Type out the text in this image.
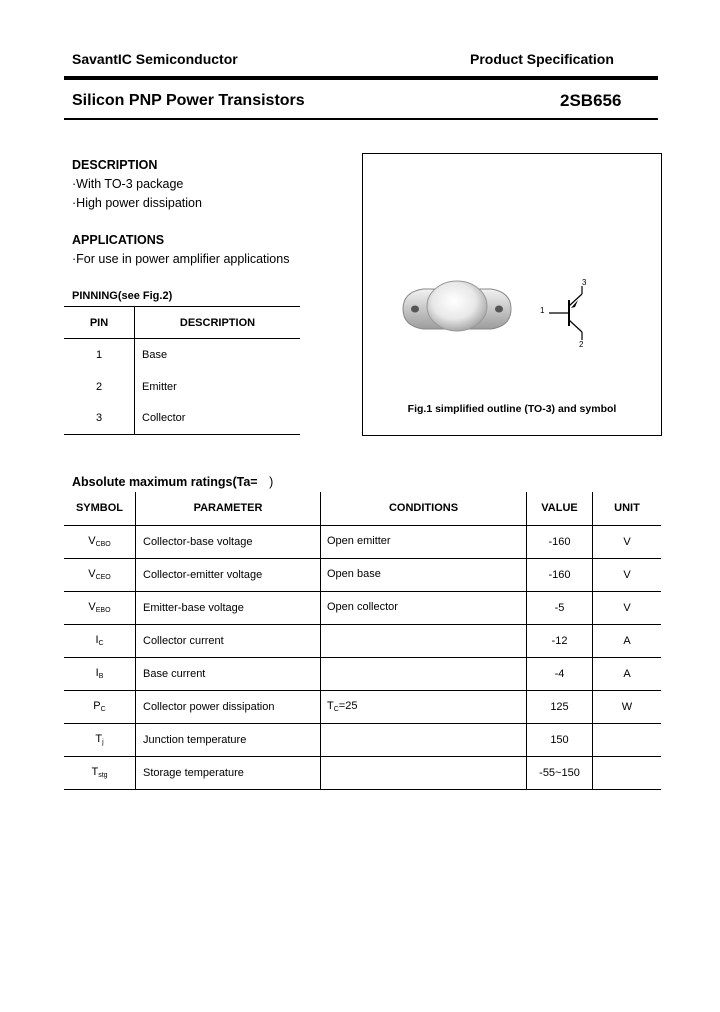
SavantIC Semiconductor	Product Specification
Silicon PNP Power Transistors	2SB656
DESCRIPTION
·With TO-3 package
·High power dissipation
APPLICATIONS
·For use in power amplifier applications
PINNING(see Fig.2)
PIN	DESCRIPTION
1	Base
2	Emitter
3	Collector
1
2
3
Fig.1 simplified outline (TO-3) and symbol
Absolute maximum ratings(Ta= )
SYMBOL	PARAMETER	CONDITIONS	VALUE	UNIT
$V_{CBO}$	Collector-base voltage	Open emitter	-160	V
$V_{CEO}$	Collector-emitter voltage	Open base	-160	V
$V_{EBO}$	Emitter-base voltage	Open collector	-5	V
$I_C$	Collector current		-12	A
$I_B$	Base current		-4	A
$P_C$	Collector power dissipation	$T_C=25$	125	W
$T_j$	Junction temperature		150	
$T_{stg}$	Storage temperature		-55~150	
